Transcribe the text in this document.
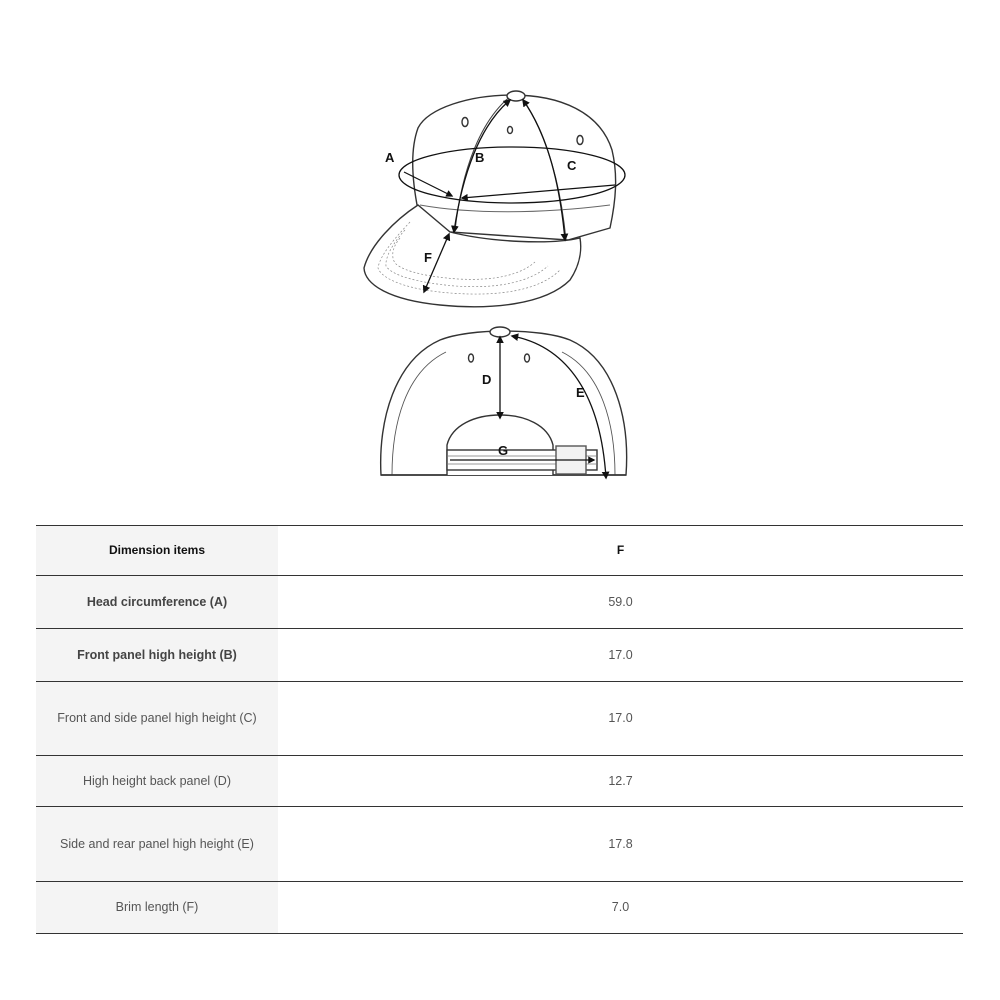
A	B
C
F
D
E
G
Dimension items	F
Head circumference (A)	59.0
Front panel high height (B)	17.0
Front and side panel high height (C)	17.0
High height back panel (D)	12.7
Side and rear panel high height (E)	17.8
Brim length (F)	7.0
